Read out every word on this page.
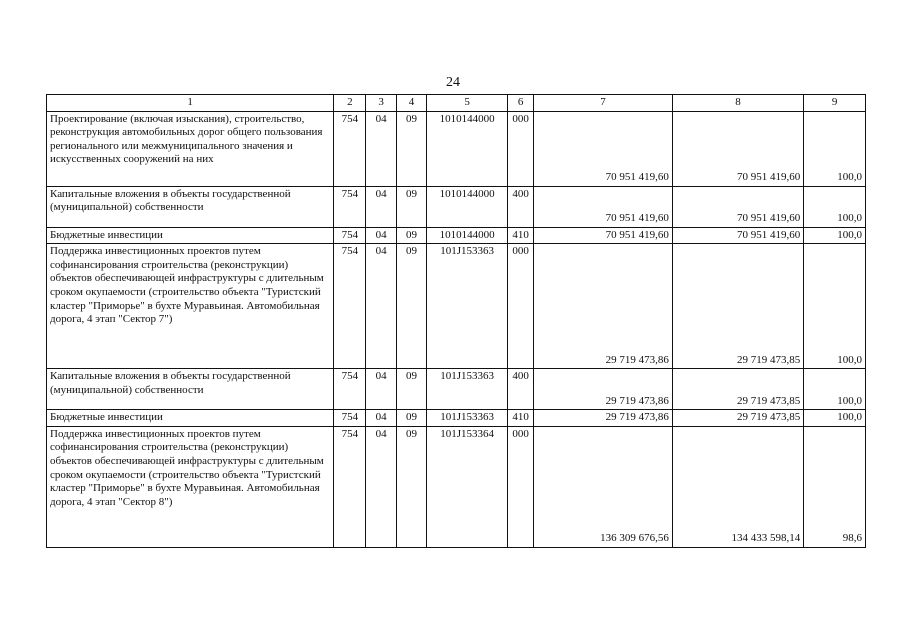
24
1	2	3	4	5	6	7	8	9
Проектирование (включая изыскания), строительство, реконструкция автомобильных дорог общего пользования регионального или межмуниципального значения и искусственных сооружений на них	754	04	09	1010144000	000	70 951 419,60	70 951 419,60	100,0
Капитальные вложения в объекты государственной (муниципальной) собственности	754	04	09	1010144000	400	70 951 419,60	70 951 419,60	100,0
Бюджетные инвестиции	754	04	09	1010144000	410	70 951 419,60	70 951 419,60	100,0
Поддержка инвестиционных проектов путем софинансирования строительства (реконструкции) объектов обеспечивающей инфраструктуры с длительным сроком окупаемости (строительство объекта "Туристский кластер "Приморье" в бухте Муравьиная. Автомобильная дорога, 4 этап "Сектор 7")	754	04	09	101J153363	000	29 719 473,86	29 719 473,85	100,0
Капитальные вложения в объекты государственной (муниципальной) собственности	754	04	09	101J153363	400	29 719 473,86	29 719 473,85	100,0
Бюджетные инвестиции	754	04	09	101J153363	410	29 719 473,86	29 719 473,85	100,0
Поддержка инвестиционных проектов путем софинансирования строительства (реконструкции) объектов обеспечивающей инфраструктуры с длительным сроком окупаемости (строительство объекта "Туристский кластер "Приморье" в бухте Муравьиная. Автомобильная дорога, 4 этап "Сектор 8")	754	04	09	101J153364	000	136 309 676,56	134 433 598,14	98,6
